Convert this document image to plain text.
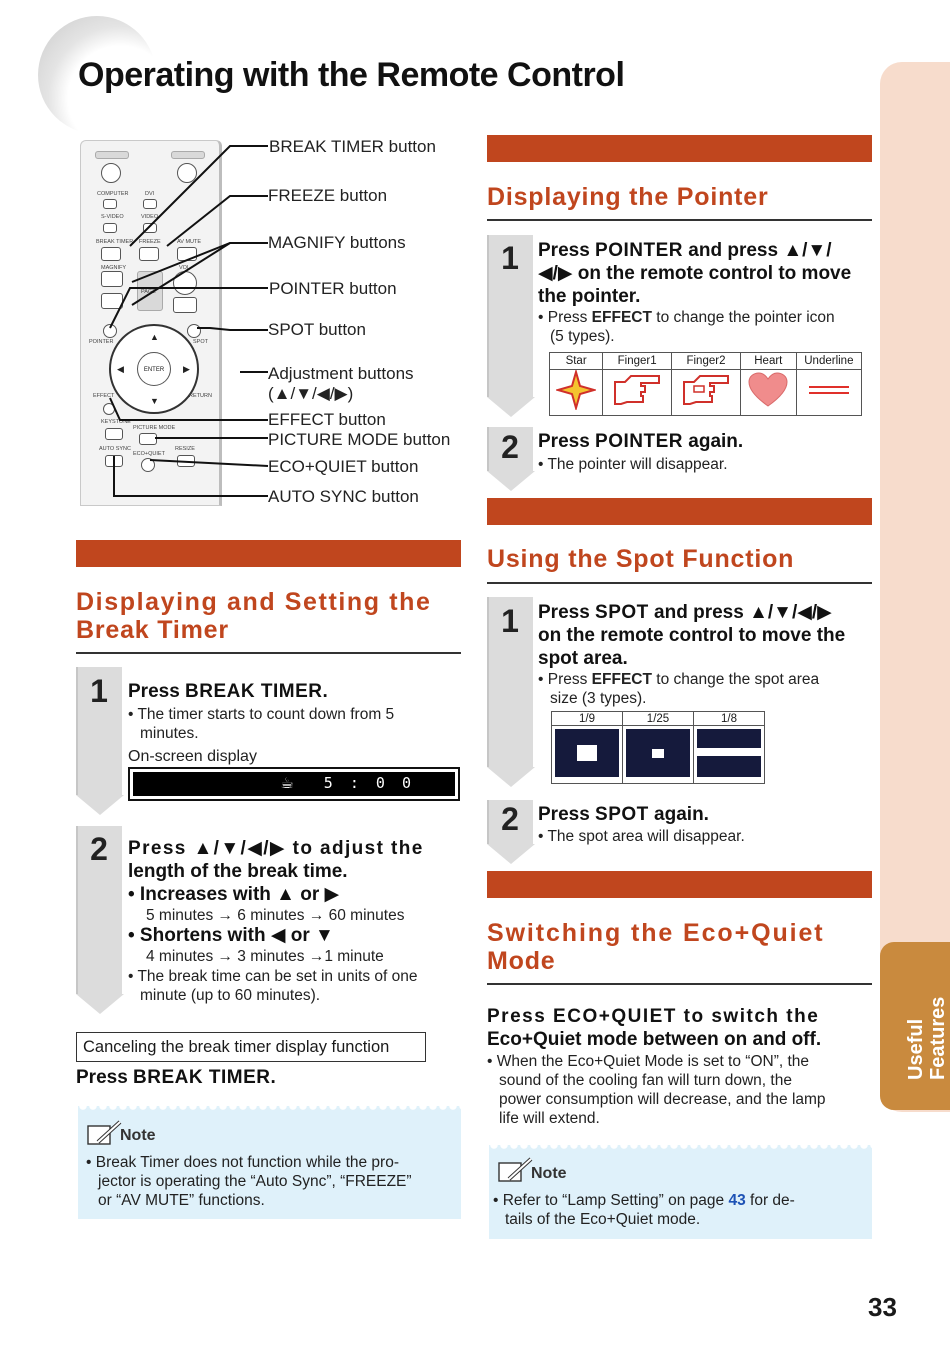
Operating with the Remote Control
Useful Features
COMPUTER	DVI
S-VIDEO	VIDEO
BREAK TIMER FREEZE	AV MUTE
MAGNIFY	VOL
PAGE
POINTER	SPOT
ENTER
▲
▼
◀	▶
EFFECT	RETURN
KEYSTONE
PICTURE MODE
AUTO SYNC
ECO+QUIET
RESIZE
BREAK TIMER button
FREEZE button
MAGNIFY buttons
POINTER button
SPOT button
Adjustment buttons
(▲/▼/◀/▶)
EFFECT button
PICTURE MODE button
ECO+QUIET button
AUTO SYNC button
Displaying and Setting the
Break Timer
1	Press BREAK TIMER.
• The timer starts to count down from 5
minutes.
On-screen display
☕ 5 : 0 0
2	Press ▲/▼/◀/▶ to adjust the
length of the break time.
• Increases with ▲ or ▶
5 minutes → 6 minutes → 60 minutes
• Shortens with ◀ or ▼
4 minutes → 3 minutes →1 minute
• The break time can be set in units of one
minute (up to 60 minutes).
Canceling the break timer display function
Press BREAK TIMER.
Note
• Break Timer does not function while the pro-
jector is operating the “Auto Sync”, “FREEZE”
or “AV MUTE” functions.
Displaying the Pointer
1	Press POINTER and press ▲/▼/
◀/▶ on the remote control to move
the pointer.
• Press EFFECT to change the pointer icon
(5 types).
Star	Finger1	Finger2	Heart	Underline

2	Press POINTER again.
• The pointer will disappear.
Using the Spot Function
1	Press SPOT and press ▲/▼/◀/▶
on the remote control to move the
spot area.
• Press EFFECT to change the spot area
size (3 types).
1/9	1/25	1/8

2	Press SPOT again.
• The spot area will disappear.
Switching the Eco+Quiet
Mode
Press ECO+QUIET to switch the
Eco+Quiet mode between on and off.
• When the Eco+Quiet Mode is set to “ON”, the
sound of the cooling fan will turn down, the
power consumption will decrease, and the lamp
life will extend.
Note
• Refer to “Lamp Setting” on page 43 for de-
tails of the Eco+Quiet mode.
33
